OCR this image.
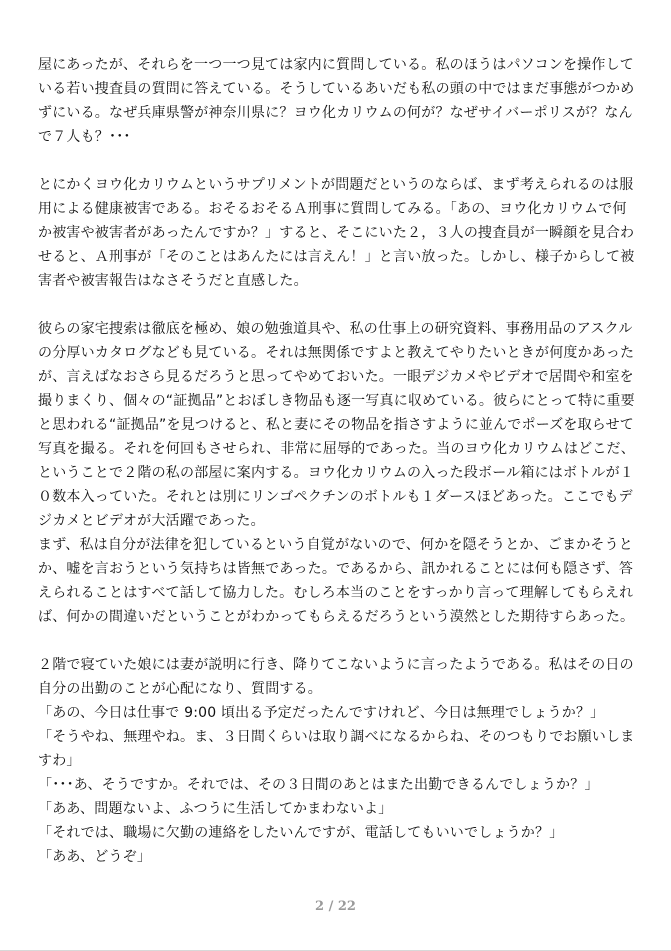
屋にあったが、それらを一つ一つ見ては家内に質問している。私のほうはパソコンを操作している若い捜査員の質問に答えている。そうしているあいだも私の頭の中ではまだ事態がつかめずにいる。なぜ兵庫県警が神奈川県に？ヨウ化カリウムの何が？なぜサイバーポリスが？なんで７人も？･･･

とにかくヨウ化カリウムというサプリメントが問題だというのならば、まず考えられるのは服用による健康被害である。おそるおそるＡ刑事に質問してみる。「あの、ヨウ化カリウムで何か被害や被害者があったんですか？」すると、そこにいた２，３人の捜査員が一瞬顔を見合わせると、Ａ刑事が「そのことはあんたには言えん！」と言い放った。しかし、様子からして被害者や被害報告はなさそうだと直感した。

彼らの家宅捜索は徹底を極め、娘の勉強道具や、私の仕事上の研究資料、事務用品のアスクルの分厚いカタログなども見ている。それは無関係ですよと教えてやりたいときが何度かあったが、言えばなおさら見るだろうと思ってやめておいた。一眼デジカメやビデオで居間や和室を撮りまくり、個々の“証拠品”とおぼしき物品も逐一写真に収めている。彼らにとって特に重要と思われる“証拠品”を見つけると、私と妻にその物品を指さすように並んでポーズを取らせて写真を撮る。それを何回もさせられ、非常に屈辱的であった。当のヨウ化カリウムはどこだ、ということで２階の私の部屋に案内する。ヨウ化カリウムの入った段ボール箱にはボトルが１０数本入っていた。それとは別にリンゴペクチンのボトルも１ダースほどあった。ここでもデジカメとビデオが大活躍であった。

まず、私は自分が法律を犯しているという自覚がないので、何かを隠そうとか、ごまかそうとか、嘘を言おうという気持ちは皆無であった。であるから、訊かれることには何も隠さず、答えられることはすべて話して協力した。むしろ本当のことをすっかり言って理解してもらえれば、何かの間違いだということがわかってもらえるだろうという漠然とした期待すらあった。

２階で寝ていた娘には妻が説明に行き、降りてこないように言ったようである。私はその日の自分の出勤のことが心配になり、質問する。

「あの、今日は仕事で 9:00 頃出る予定だったんですけれど、今日は無理でしょうか？」

「そうやね、無理やね。ま、３日間くらいは取り調べになるからね、そのつもりでお願いしますわ」

「･･･あ、そうですか。それでは、その３日間のあとはまた出勤できるんでしょうか？」

「ああ、問題ないよ、ふつうに生活してかまわないよ」

「それでは、職場に欠勤の連絡をしたいんですが、電話してもいいでしょうか？」

「ああ、どうぞ」

2 / 22
